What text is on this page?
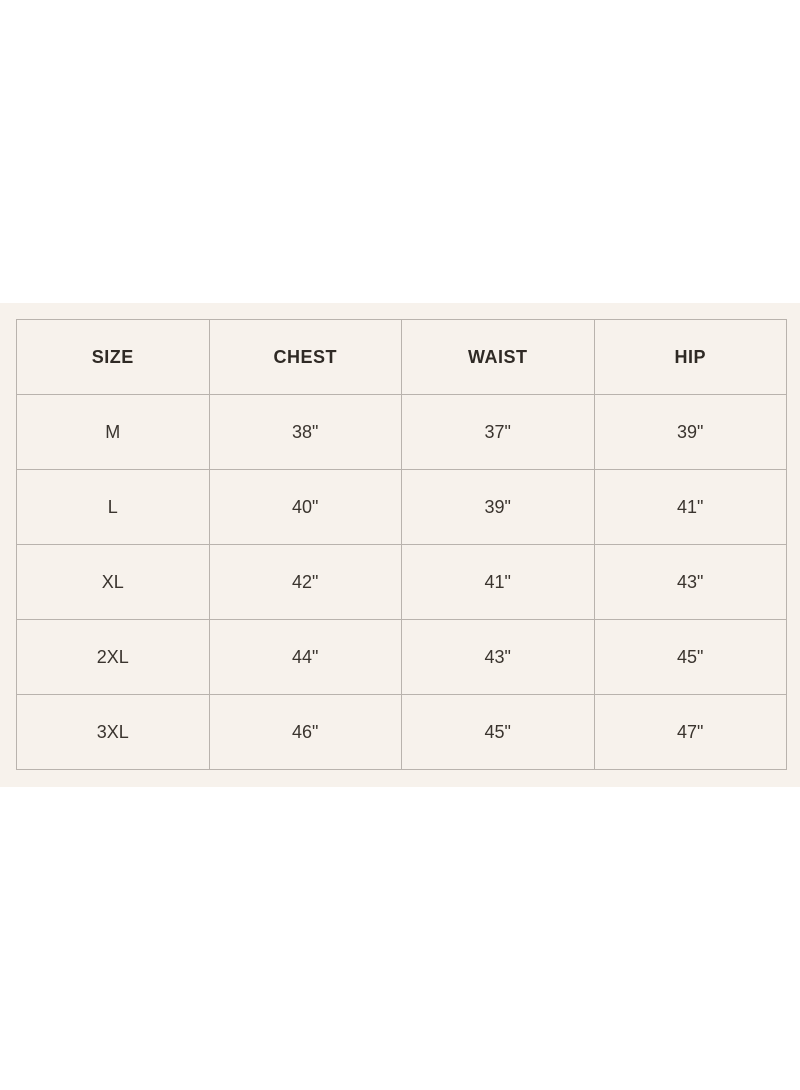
SIZE	CHEST	WAIST	HIP
M	38"	37"	39"
L	40"	39"	41"
XL	42"	41"	43"
2XL	44"	43"	45"
3XL	46"	45"	47"
